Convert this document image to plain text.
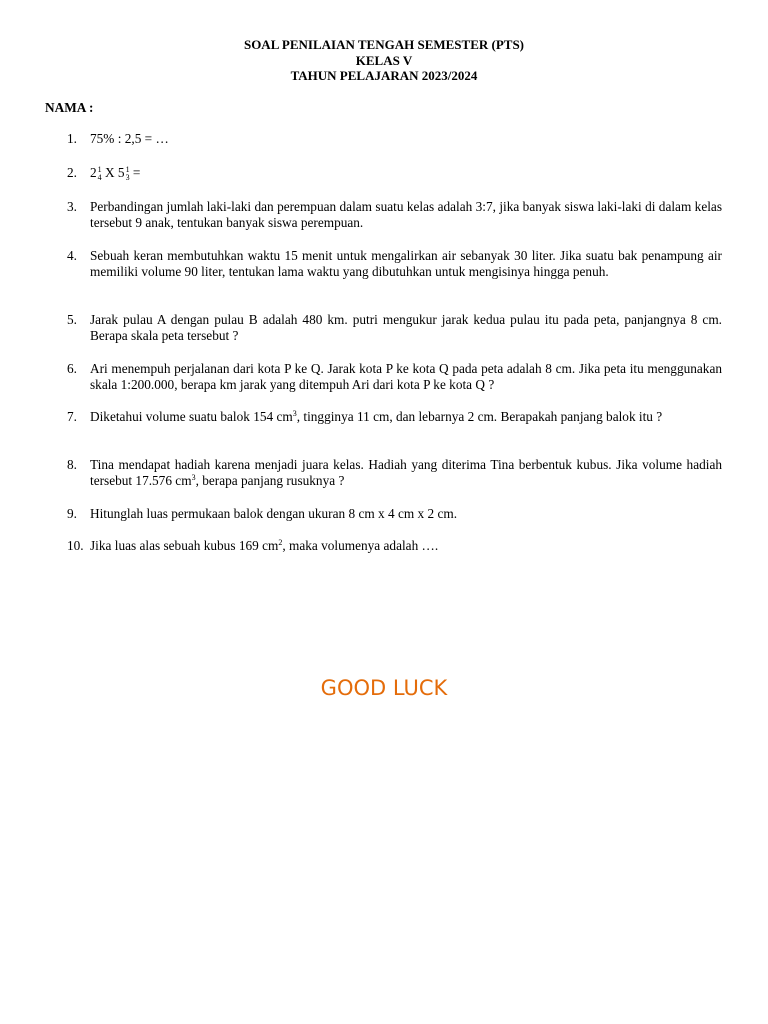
SOAL PENILAIAN TENGAH SEMESTER (PTS)
KELAS V
TAHUN PELAJARAN 2023/2024
NAMA :
1. 75% : 2,5 = …
2. 2 1
4 X 5 1
3 =
3. Perbandingan jumlah laki-laki dan perempuan dalam suatu kelas adalah 3:7, jika banyak siswa laki-laki di dalam kelas tersebut 9 anak, tentukan banyak siswa perempuan.
4. Sebuah keran membutuhkan waktu 15 menit untuk mengalirkan air sebanyak 30 liter. Jika suatu bak penampung air memiliki volume 90 liter, tentukan lama waktu yang dibutuhkan untuk mengisinya hingga penuh.
5. Jarak pulau A dengan pulau B adalah 480 km. putri mengukur jarak kedua pulau itu pada peta, panjangnya 8 cm. Berapa skala peta tersebut ?
6. Ari menempuh perjalanan dari kota P ke Q. Jarak kota P ke kota Q pada peta adalah 8 cm. Jika peta itu menggunakan skala 1:200.000, berapa km jarak yang ditempuh Ari dari kota P ke kota Q ?
7. Diketahui volume suatu balok 154 $cm^3$, tingginya 11 cm, dan lebarnya 2 cm. Berapakah panjang balok itu ?
8. Tina mendapat hadiah karena menjadi juara kelas. Hadiah yang diterima Tina berbentuk kubus. Jika volume hadiah tersebut 17.576 $cm^3$, berapa panjang rusuknya ?
9. Hitunglah luas permukaan balok dengan ukuran 8 cm x 4 cm x 2 cm.
10. Jika luas alas sebuah kubus 169 $cm^2$, maka volumenya adalah ….
GOOD LUCK
